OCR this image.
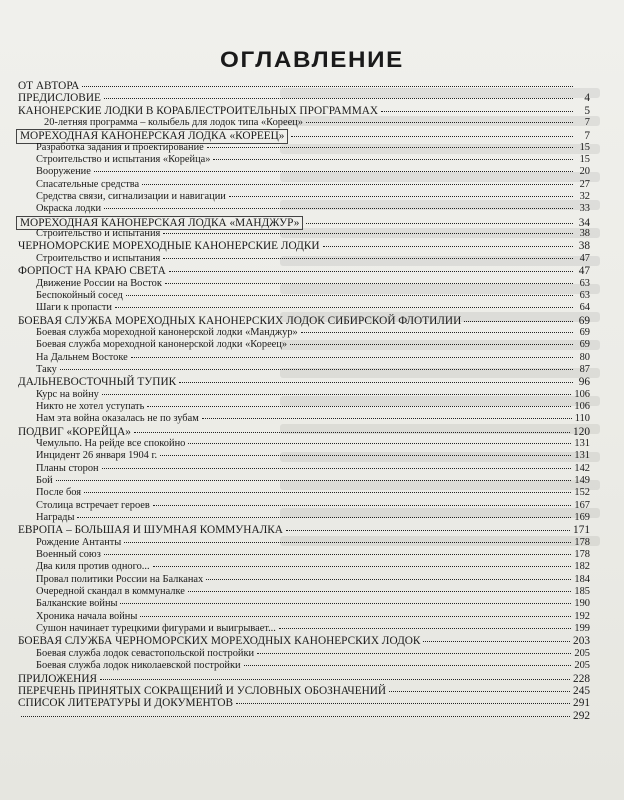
ОГЛАВЛЕНИЕ
ОТ АВТОРА
ПРЕДИСЛОВИЕ	4
КАНОНЕРСКИЕ ЛОДКИ В КОРАБЛЕСТРОИТЕЛЬНЫХ ПРОГРАММАХ	5
20-летняя программа – колыбель для лодок типа «Кореец»	7
МОРЕХОДНАЯ КАНОНЕРСКАЯ ЛОДКА «КОРЕЕЦ»	7
Разработка задания и проектирование	15
Строительство и испытания «Корейца»	15
Вооружение	20
Спасательные средства	27
Средства связи, сигнализации и навигации	32
Окраска лодки	33
МОРЕХОДНАЯ КАНОНЕРСКАЯ ЛОДКА «МАНДЖУР»	34
Строительство и испытания	38
ЧЕРНОМОРСКИЕ МОРЕХОДНЫЕ КАНОНЕРСКИЕ ЛОДКИ	38
Строительство и испытания	47
ФОРПОСТ НА КРАЮ СВЕТА	47
Движение России на Восток	63
Беспокойный сосед	63
Шаги к пропасти	64
БОЕВАЯ СЛУЖБА МОРЕХОДНЫХ КАНОНЕРСКИХ ЛОДОК СИБИРСКОЙ ФЛОТИЛИИ	69
Боевая служба мореходной канонерской лодки «Манджур»	69
Боевая служба мореходной канонерской лодки «Кореец»	69
На Дальнем Востоке	80
Таку	87
ДАЛЬНЕВОСТОЧНЫЙ ТУПИК	96
Курс на войну	106
Никто не хотел уступать	106
Нам эта война оказалась не по зубам	110
ПОДВИГ «КОРЕЙЦА»	120
Чемульпо. На рейде все спокойно	131
Инцидент 26 января 1904 г.	131
Планы сторон	142
Бой	149
После боя	152
Столица встречает героев	167
Награды	169
ЕВРОПА – БОЛЬШАЯ И ШУМНАЯ КОММУНАЛКА	171
Рождение Антанты	178
Военный союз	178
Два киля против одного...	182
Провал политики России на Балканах	184
Очередной скандал в коммуналке	185
Балканские войны	190
Хроника начала войны	192
Сушон начинает турецкими фигурами и выигрывает...	199
БОЕВАЯ СЛУЖБА ЧЕРНОМОРСКИХ МОРЕХОДНЫХ КАНОНЕРСКИХ ЛОДОК	203
Боевая служба лодок севастопольской постройки	205
Боевая служба лодок николаевской постройки	205
ПРИЛОЖЕНИЯ	228
ПЕРЕЧЕНЬ ПРИНЯТЫХ СОКРАЩЕНИЙ И УСЛОВНЫХ ОБОЗНАЧЕНИЙ	245
СПИСОК ЛИТЕРАТУРЫ И ДОКУМЕНТОВ	291
292
